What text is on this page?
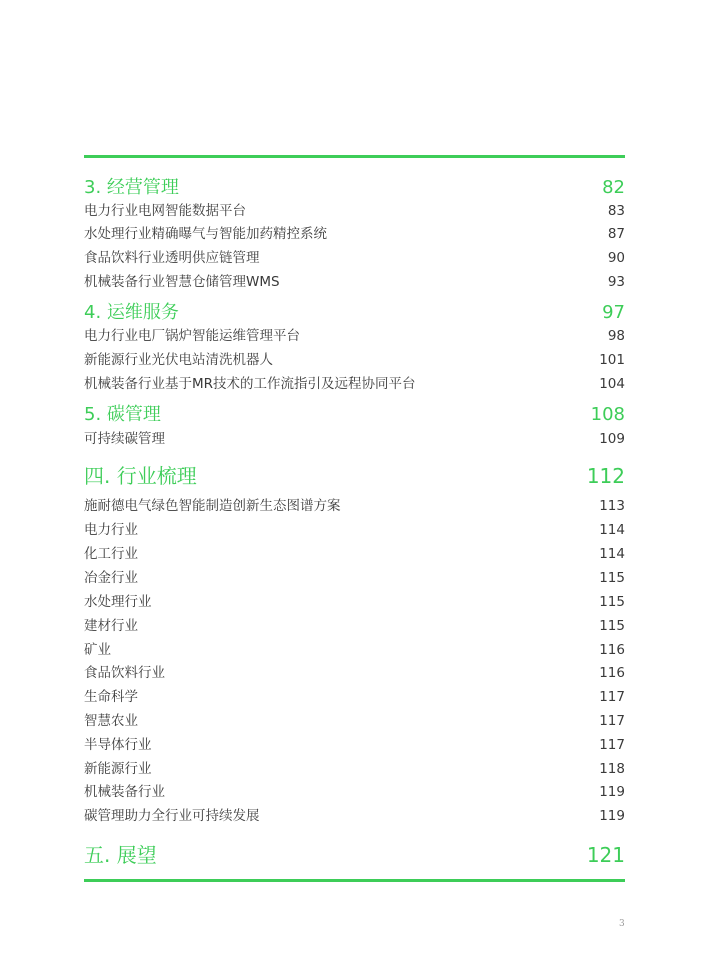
3. 经营管理	82
电力行业电网智能数据平台	83
水处理行业精确曝气与智能加药精控系统	87
食品饮料行业透明供应链管理	90
机械装备行业智慧仓储管理WMS	93
4. 运维服务	97
电力行业电厂锅炉智能运维管理平台	98
新能源行业光伏电站清洗机器人	101
机械装备行业基于MR技术的工作流指引及远程协同平台	104
5. 碳管理	108
可持续碳管理	109
四. 行业梳理	112
施耐德电气绿色智能制造创新生态图谱方案	113
电力行业	114
化工行业	114
冶金行业	115
水处理行业	115
建材行业	115
矿业	116
食品饮料行业	116
生命科学	117
智慧农业	117
半导体行业	117
新能源行业	118
机械装备行业	119
碳管理助力全行业可持续发展	119
五. 展望	121
3
